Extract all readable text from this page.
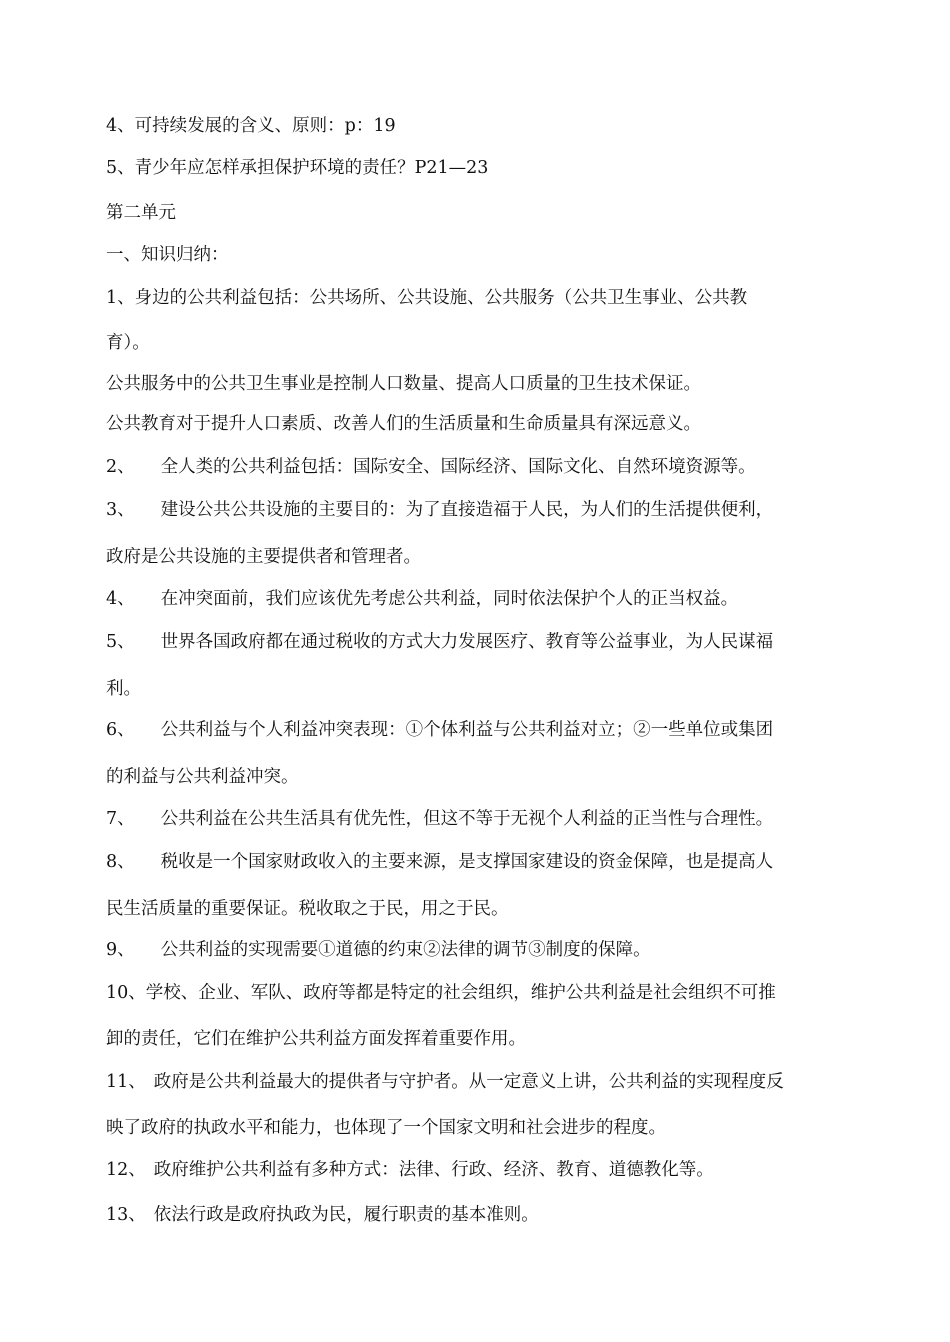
4、可持续发展的含义、原则：p：19
5、青少年应怎样承担保护环境的责任？P21—23
第二单元
一、知识归纳：
1、身边的公共利益包括：公共场所、公共设施、公共服务（公共卫生事业、公共教
育）。
公共服务中的公共卫生事业是控制人口数量、提高人口质量的卫生技术保证。
公共教育对于提升人口素质、改善人们的生活质量和生命质量具有深远意义。
2、 全人类的公共利益包括：国际安全、国际经济、国际文化、自然环境资源等。
3、 建设公共公共设施的主要目的：为了直接造福于人民，为人们的生活提供便利，
政府是公共设施的主要提供者和管理者。
4、 在冲突面前，我们应该优先考虑公共利益，同时依法保护个人的正当权益。
5、 世界各国政府都在通过税收的方式大力发展医疗、教育等公益事业，为人民谋福
利。
6、 公共利益与个人利益冲突表现：①个体利益与公共利益对立；②一些单位或集团
的利益与公共利益冲突。
7、 公共利益在公共生活具有优先性，但这不等于无视个人利益的正当性与合理性。
8、 税收是一个国家财政收入的主要来源，是支撑国家建设的资金保障，也是提高人
民生活质量的重要保证。税收取之于民，用之于民。
9、 公共利益的实现需要①道德的约束②法律的调节③制度的保障。
10、学校、企业、军队、政府等都是特定的社会组织，维护公共利益是社会组织不可推
卸的责任，它们在维护公共利益方面发挥着重要作用。
11、 政府是公共利益最大的提供者与守护者。从一定意义上讲，公共利益的实现程度反
映了政府的执政水平和能力，也体现了一个国家文明和社会进步的程度。
12、 政府维护公共利益有多种方式：法律、行政、经济、教育、道德教化等。
13、 依法行政是政府执政为民，履行职责的基本准则。
